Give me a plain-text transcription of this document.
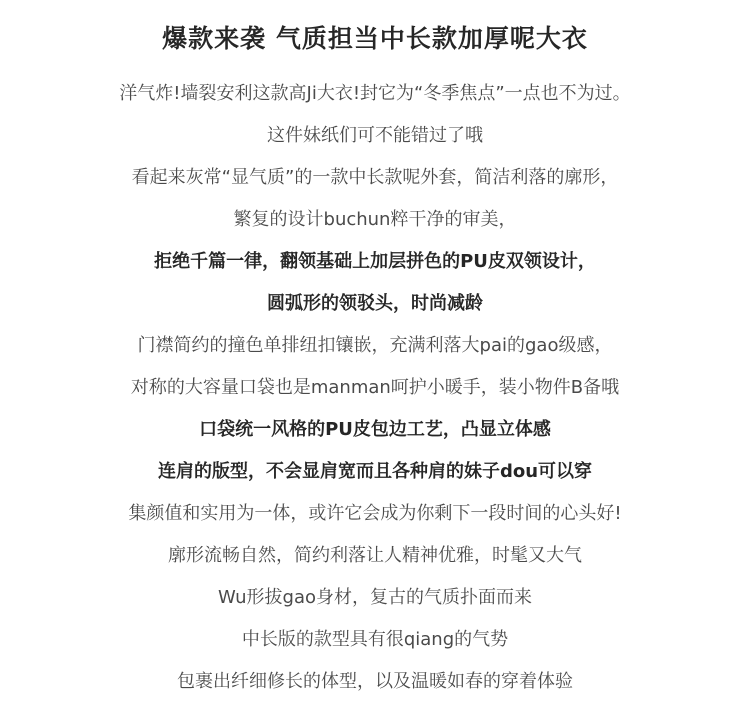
爆款来袭 气质担当中长款加厚呢大衣
洋气炸!墙裂安利这款高Ji大衣!封它为“冬季焦点”一点也不为过。
这件妹纸们可不能错过了哦
看起来灰常“显气质”的一款中长款呢外套，简洁利落的廓形，
繁复的设计buchun粹干净的审美，
拒绝千篇一律，翻领基础上加层拼色的PU皮双领设计，
圆弧形的领驳头，时尚减龄
门襟简约的撞色单排纽扣镶嵌，充满利落大pai的gao级感，
对称的大容量口袋也是manman呵护小暖手，装小物件B备哦
口袋统一风格的PU皮包边工艺，凸显立体感
连肩的版型，不会显肩宽而且各种肩的妹子dou可以穿
集颜值和实用为一体，或许它会成为你剩下一段时间的心头好!
廓形流畅自然，简约利落让人精神优雅，时髦又大气
Wu形拔gao身材，复古的气质扑面而来
中长版的款型具有很qiang的气势
包裹出纤细修长的体型，以及温暖如春的穿着体验
